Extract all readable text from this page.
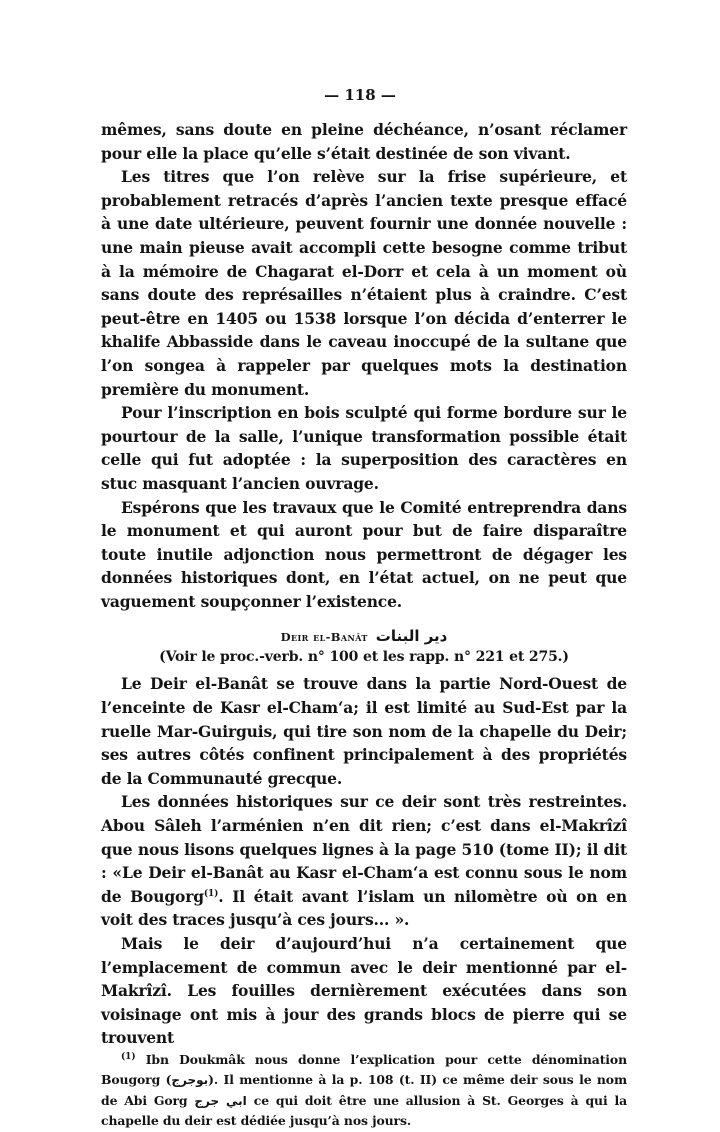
— 118 —

mêmes, sans doute en pleine déchéance, n’osant réclamer pour elle la place qu’elle s’était destinée de son vivant.

Les titres que l’on relève sur la frise supérieure, et probablement retracés d’après l’ancien texte presque effacé à une date ultérieure, peuvent fournir une donnée nouvelle : une main pieuse avait accompli cette besogne comme tribut à la mémoire de Chagarat el-Dorr et cela à un moment où sans doute des représailles n’étaient plus à craindre. C’est peut-être en 1405 ou 1538 lorsque l’on décida d’enterrer le khalife Abbasside dans le caveau inoccupé de la sultane que l’on songea à rappeler par quelques mots la destination première du monument.

Pour l’inscription en bois sculpté qui forme bordure sur le pourtour de la salle, l’unique transformation possible était celle qui fut adoptée : la superposition des caractères en stuc masquant l’ancien ouvrage.

Espérons que les travaux que le Comité entreprendra dans le monument et qui auront pour but de faire disparaître toute inutile adjonction nous permettront de dégager les données historiques dont, en l’état actuel, on ne peut que vaguement soupçonner l’existence.

Deir el-Banât دير البنات
(Voir le proc.-verb. n° 100 et les rapp. n° 221 et 275.)

Le Deir el-Banât se trouve dans la partie Nord-Ouest de l’enceinte de Kasr el-Cham‘a; il est limité au Sud-Est par la ruelle Mar-Guirguis, qui tire son nom de la chapelle du Deir; ses autres côtés confinent principalement à des propriétés de la Communauté grecque.

Les données historiques sur ce deir sont très restreintes. Abou Sâleh l’arménien n’en dit rien; c’est dans el-Makrîzî que nous lisons quelques lignes à la page 510 (tome II); il dit : «Le Deir el-Banât au Kasr el-Cham‘a est connu sous le nom de Bougorg$^{(1)}$. Il était avant l’islam un nilomètre où on en voit des traces jusqu’à ces jours... ».

Mais le deir d’aujourd’hui n’a certainement que l’emplacement de commun avec le deir mentionné par el-Makrîzî. Les fouilles dernièrement exécutées dans son voisinage ont mis à jour des grands blocs de pierre qui se trouvent

$^{(1)}$ Ibn Doukmâk nous donne l’explication pour cette dénomination Bougorg (بوجرج). Il mentionne à la p. 108 (t. II) ce même deir sous le nom de Abi Gorg ابي جرج ce qui doit être une allusion à St. Georges à qui la chapelle du deir est dédiée jusqu’à nos jours.
